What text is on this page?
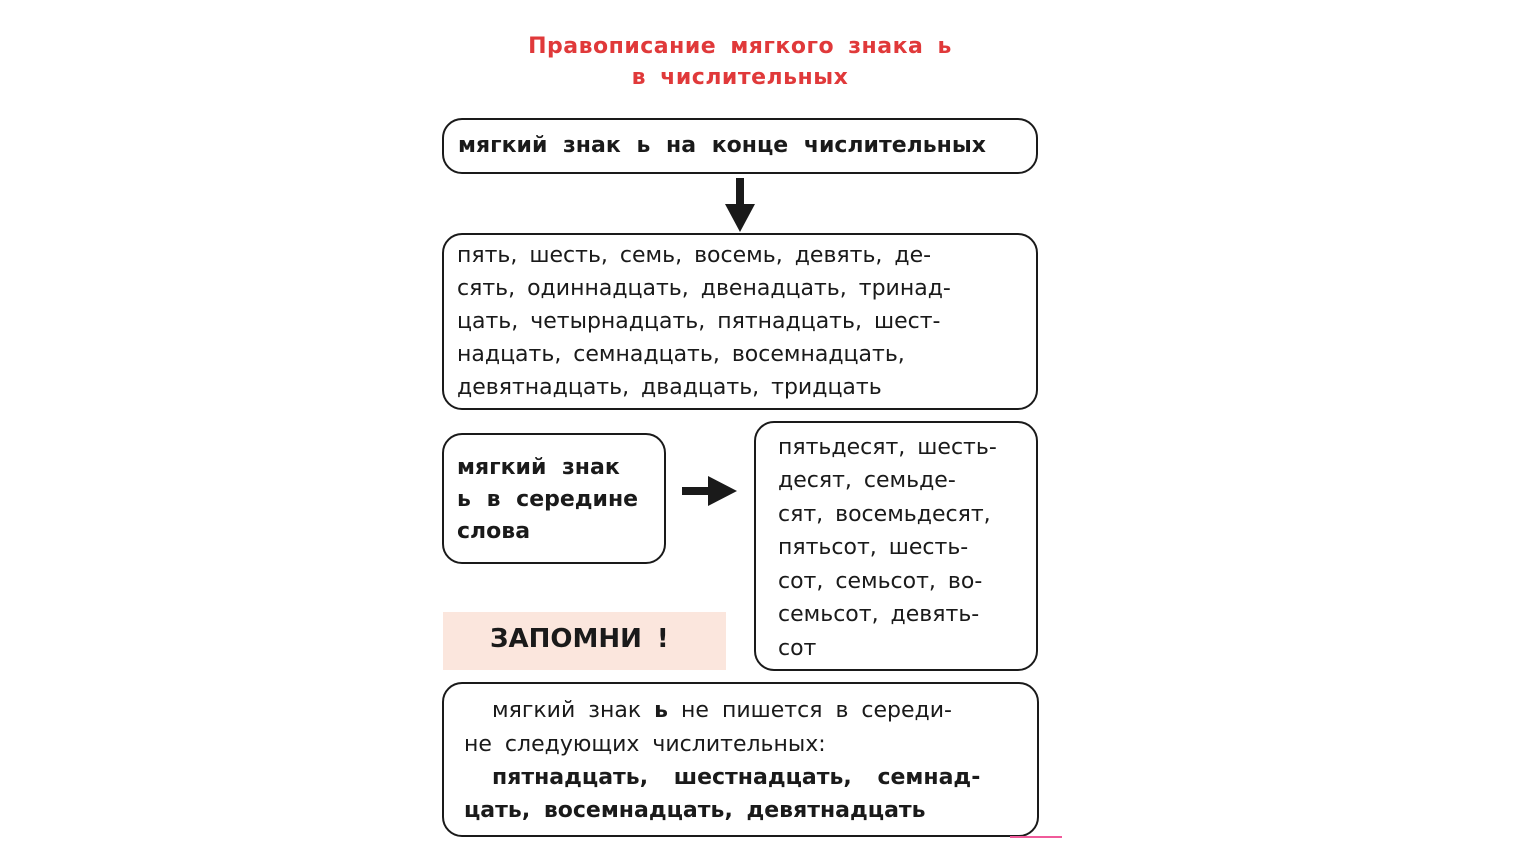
Правописание мягкого знака ь
в числительных
мягкий знак ь на конце числительных
пять, шесть, семь, восемь, девять, де-
сять, одиннадцать, двенадцать, тринад-
цать, четырнадцать, пятнадцать, шест-
надцать, семнадцать, восемнадцать,
девятнадцать, двадцать, тридцать
мягкий знак
ь в середине
слова
пятьдесят, шесть-
десят, семьде-
сят, восемьдесят,
пятьсот, шесть-
сот, семьсот, во-
семьсот, девять-
сот
ЗАПОМНИ !
мягкий знак ь не пишется в середи-
не следующих числительных:
пятнадцать, шестнадцать, семнад-
цать, восемнадцать, девятнадцать
